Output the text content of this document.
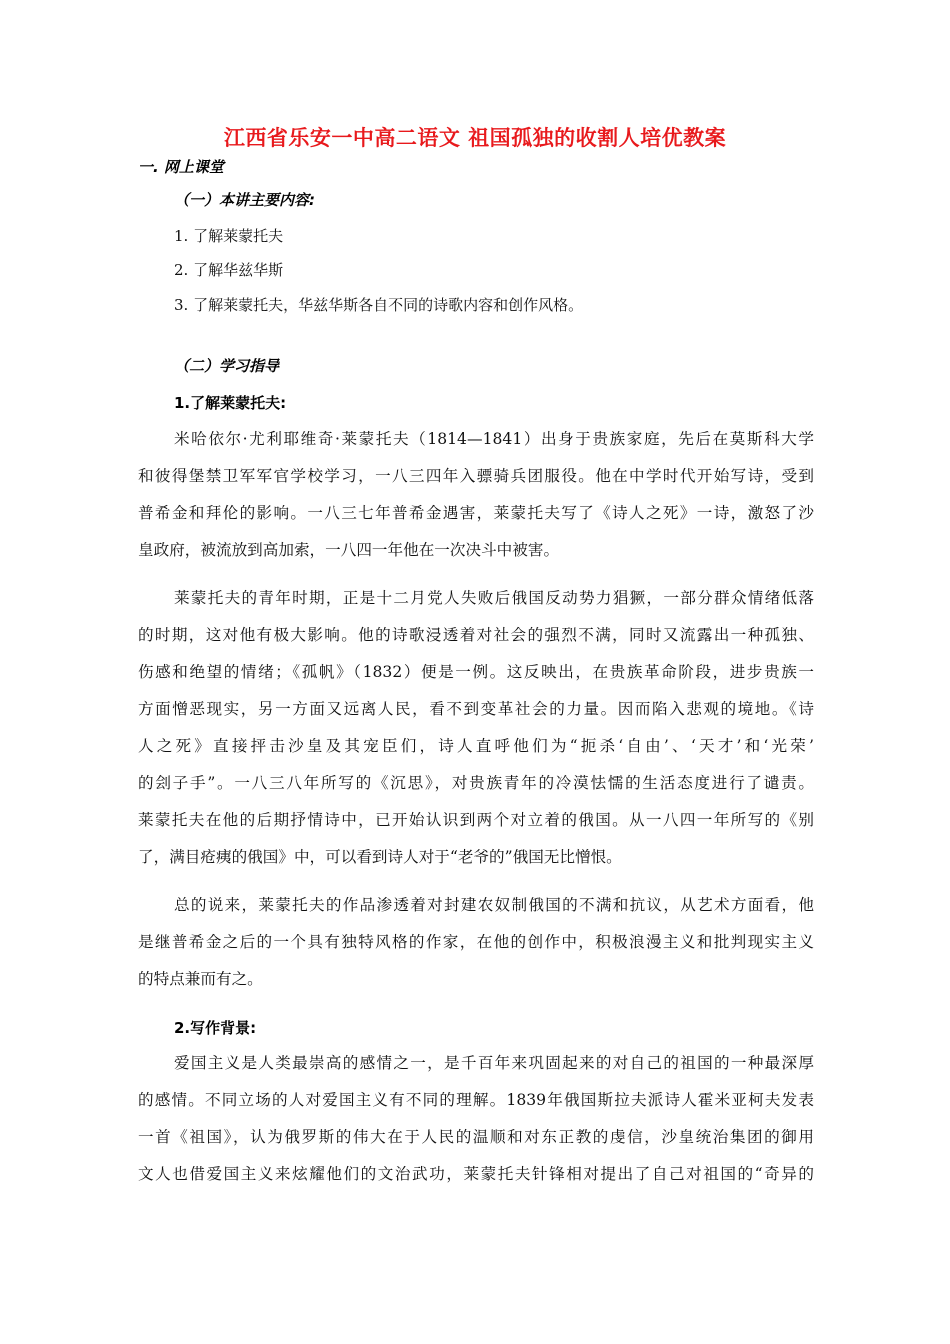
江西省乐安一中高二语文 祖国孤独的收割人培优教案

一. 网上课堂

（一）本讲主要内容:

1. 了解莱蒙托夫

2. 了解华兹华斯

3. 了解莱蒙托夫，华兹华斯各自不同的诗歌内容和创作风格。

（二）学习指导

1.了解莱蒙托夫:

米哈依尔·尤利耶维奇·莱蒙托夫（1814—1841）出身于贵族家庭，先后在莫斯科大学

和彼得堡禁卫军军官学校学习，一八三四年入骠骑兵团服役。他在中学时代开始写诗，受到

普希金和拜伦的影响。一八三七年普希金遇害，莱蒙托夫写了《诗人之死》一诗，激怒了沙

皇政府，被流放到高加索，一八四一年他在一次决斗中被害。

莱蒙托夫的青年时期，正是十二月党人失败后俄国反动势力猖獗，一部分群众情绪低落

的时期，这对他有极大影响。他的诗歌浸透着对社会的强烈不满，同时又流露出一种孤独、

伤感和绝望的情绪；《孤帆》（1832）便是一例。这反映出，在贵族革命阶段，进步贵族一

方面憎恶现实，另一方面又远离人民，看不到变革社会的力量。因而陷入悲观的境地。《诗

人之死》直接抨击沙皇及其宠臣们，诗人直呼他们为“扼杀‘自由’、‘天才’和‘光荣’

的刽子手”。一八三八年所写的《沉思》，对贵族青年的冷漠怯懦的生活态度进行了谴责。

莱蒙托夫在他的后期抒情诗中，已开始认识到两个对立着的俄国。从一八四一年所写的《别

了，满目疮痍的俄国》中，可以看到诗人对于“老爷的”俄国无比憎恨。

总的说来，莱蒙托夫的作品渗透着对封建农奴制俄国的不满和抗议，从艺术方面看，他

是继普希金之后的一个具有独特风格的作家，在他的创作中，积极浪漫主义和批判现实主义

的特点兼而有之。

2.写作背景:

爱国主义是人类最崇高的感情之一，是千百年来巩固起来的对自己的祖国的一种最深厚

的感情。不同立场的人对爱国主义有不同的理解。1839年俄国斯拉夫派诗人霍米亚柯夫发表

一首《祖国》，认为俄罗斯的伟大在于人民的温顺和对东正教的虔信，沙皇统治集团的御用

文人也借爱国主义来炫耀他们的文治武功，莱蒙托夫针锋相对提出了自己对祖国的“奇异的
